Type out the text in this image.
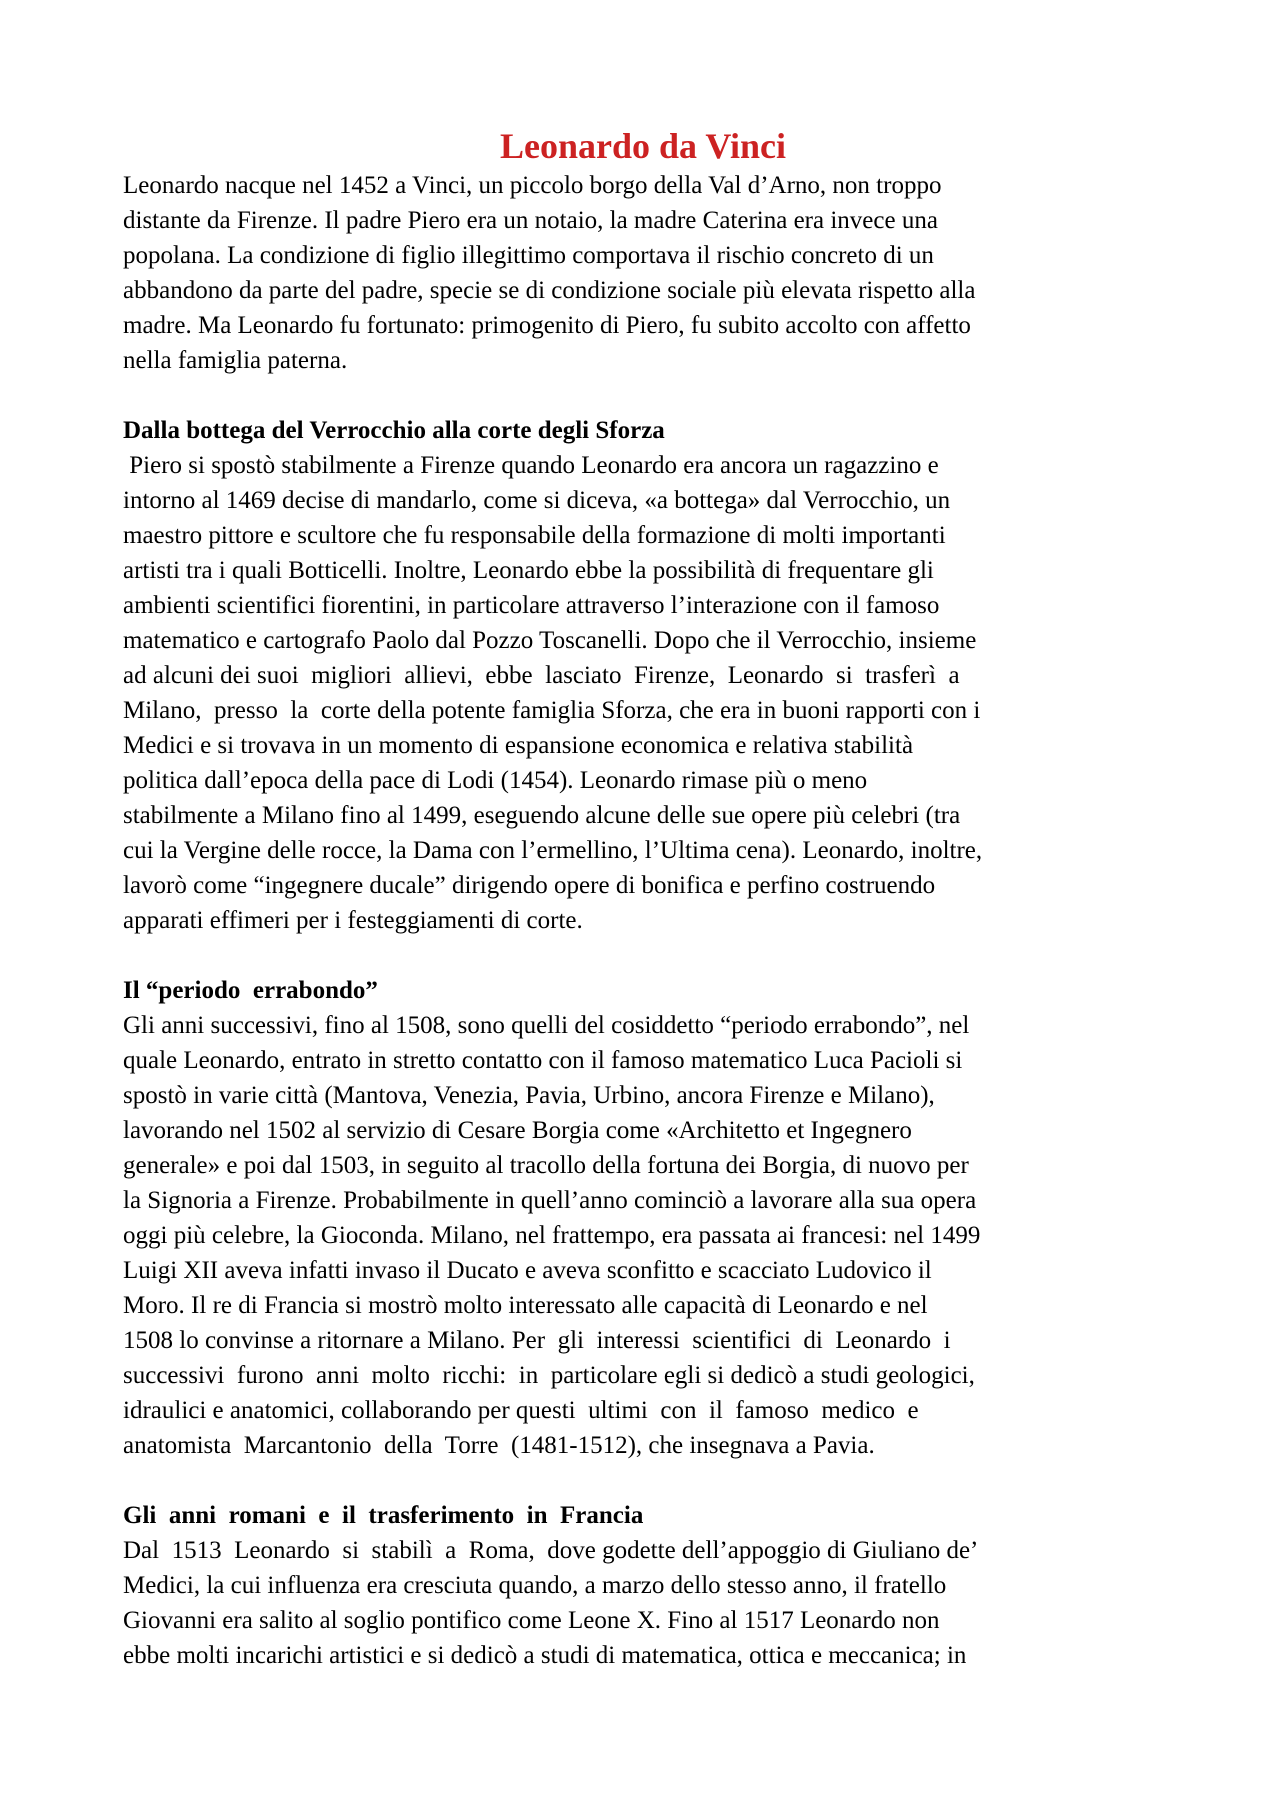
Leonardo da Vinci

Leonardo nacque nel 1452 a Vinci, un piccolo borgo della Val d’Arno, non troppo

distante da Firenze. Il padre Piero era un notaio, la madre Caterina era invece una

popolana. La condizione di figlio illegittimo comportava il rischio concreto di un

abbandono da parte del padre, specie se di condizione sociale più elevata rispetto alla

madre. Ma Leonardo fu fortunato: primogenito di Piero, fu subito accolto con affetto

nella famiglia paterna.

Dalla bottega del Verrocchio alla corte degli Sforza

Piero si spostò stabilmente a Firenze quando Leonardo era ancora un ragazzino e

intorno al 1469 decise di mandarlo, come si diceva, «a bottega» dal Verrocchio, un

maestro pittore e scultore che fu responsabile della formazione di molti importanti

artisti tra i quali Botticelli. Inoltre, Leonardo ebbe la possibilità di frequentare gli

ambienti scientifici fiorentini, in particolare attraverso l’interazione con il famoso

matematico e cartografo Paolo dal Pozzo Toscanelli. Dopo che il Verrocchio, insieme

ad alcuni dei suoi  migliori  allievi,  ebbe  lasciato  Firenze,  Leonardo  si  trasferì  a

Milano,  presso  la  corte della potente famiglia Sforza, che era in buoni rapporti con i

Medici e si trovava in un momento di espansione economica e relativa stabilità

politica dall’epoca della pace di Lodi (1454). Leonardo rimase più o meno

stabilmente a Milano fino al 1499, eseguendo alcune delle sue opere più celebri (tra

cui la Vergine delle rocce, la Dama con l’ermellino, l’Ultima cena). Leonardo, inoltre,

lavorò come “ingegnere ducale” dirigendo opere di bonifica e perfino costruendo

apparati effimeri per i festeggiamenti di corte.

Il “periodo  errabondo”

Gli anni successivi, fino al 1508, sono quelli del cosiddetto “periodo errabondo”, nel

quale Leonardo, entrato in stretto contatto con il famoso matematico Luca Pacioli si

spostò in varie città (Mantova, Venezia, Pavia, Urbino, ancora Firenze e Milano),

lavorando nel 1502 al servizio di Cesare Borgia come «Architetto et Ingegnero

generale» e poi dal 1503, in seguito al tracollo della fortuna dei Borgia, di nuovo per

la Signoria a Firenze. Probabilmente in quell’anno cominciò a lavorare alla sua opera

oggi più celebre, la Gioconda. Milano, nel frattempo, era passata ai francesi: nel 1499

Luigi XII aveva infatti invaso il Ducato e aveva sconfitto e scacciato Ludovico il

Moro. Il re di Francia si mostrò molto interessato alle capacità di Leonardo e nel

1508 lo convinse a ritornare a Milano. Per  gli  interessi  scientifici  di  Leonardo  i

successivi  furono  anni  molto  ricchi:  in  particolare egli si dedicò a studi geologici,

idraulici e anatomici, collaborando per questi  ultimi  con  il  famoso  medico  e

anatomista  Marcantonio  della  Torre  (1481-1512), che insegnava a Pavia.

Gli  anni  romani  e  il  trasferimento  in  Francia

Dal  1513  Leonardo  si  stabilì  a  Roma,  dove godette dell’appoggio di Giuliano de’

Medici, la cui influenza era cresciuta quando, a marzo dello stesso anno, il fratello

Giovanni era salito al soglio pontifico come Leone X. Fino al 1517 Leonardo non

ebbe molti incarichi artistici e si dedicò a studi di matematica, ottica e meccanica; in
